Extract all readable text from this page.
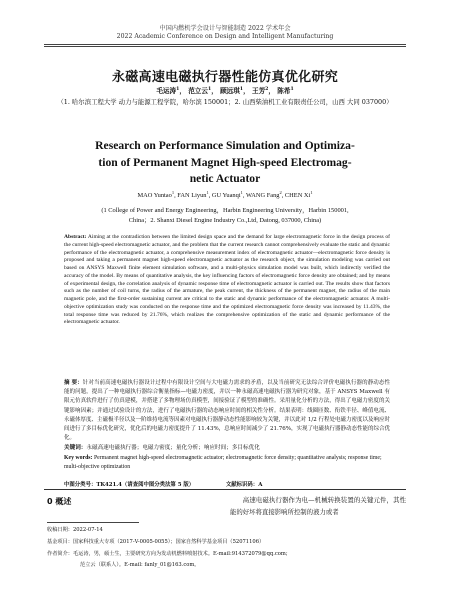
中国内燃机学会设计与智能制造 2022 学术年会
2022 Academic Conference on Design and Intelligent Manufacturing
永磁高速电磁执行器性能仿真优化研究
毛运涛$^1$， 范立云$^1$， 顾远琪$^1$， 王芳$^2$， 陈希$^1$
（1. 哈尔滨工程大学 动力与能源工程学院，哈尔滨 150001；2. 山西柴油机工业有限责任公司，山西 大同 037000）
Research on Performance Simulation and Optimiza-
tion of Permanent Magnet High-speed Electromag-
netic Actuator
MAO Yuntao$^1$, FAN Liyun$^1$, GU Yuanqi$^1$, WANG Fang$^2$, CHEN Xi$^1$
(1 College of Power and Energy Engineering，Harbin Engineering University，Harbin 150001,
China；2. Shanxi Diesel Engine Industry Co.,Ltd, Datong, 037000, China)
Abstract: Aiming at the contradiction between the limited design space and the demand for large electromagnetic force in the design process of the current high-speed electromagnetic actuator, and the problem that the current research cannot comprehensively evaluate the static and dynamic performance of the electromagnetic actuator, a comprehensive measurement index of electromagnetic actuator—electromagnetic force density is proposed and taking a permanent magnet high-speed electromagnetic actuator as the research object, the simulation modeling was carried out based on ANSYS Maxwell finite element simulation software, and a multi-physics simulation model was built, which indirectly verified the accuracy of the model. By means of quantitative analysis, the key influencing factors of electromagnetic force density are obtained; and by means of experimental design, the correlation analysis of dynamic response time of electromagnetic actuator is carried out. The results show that factors such as the number of coil turns, the radius of the armature, the peak current, the thickness of the permanent magnet, the radius of the main magnetic pole, and the first-order sustaining current are critical to the static and dynamic performance of the electromagnetic actuator. A multi-objective optimization study was conducted on the response time and the optimized electromagnetic force density was increased by 11.43%, the total response time was reduced by 21.76%, which realizes the comprehensive optimization of the static and dynamic performance of the electromagnetic actuator.
摘 要：针对当前高速电磁执行器设计过程中有限设计空间与大电磁力需求的矛盾，以及当前研究无法综合评价电磁执行器的静动态性能的问题，提出了一种电磁执行器综合衡量指标—电磁力密度，并以一种永磁高速电磁执行器为研究对象，基于 ANSYS Maxwell 有限元仿真软件进行了仿真建模，并搭建了多物理场仿真模型，间接验证了模型的准确性。采用量化分析的方法，得出了电磁力密度的关键影响因素；并通过试验设计的方法，进行了电磁执行器的动态响应时间的相关性分析。结果表明：线圈匝数、衔铁半径、峰值电流、永磁体厚度、主磁极半径以及一阶维持电流等因素对电磁执行器静动态性能影响较为关键，并以此对 1/2 行程处电磁力密度以及响应时间进行了多目标优化研究，优化后的电磁力密度提升了 11.43%，总响应时间减少了 21.76%，实现了电磁执行器静动态性能的综合优化。
关键词：永磁高速电磁执行器；电磁力密度；量化分析；响应时间；多目标优化
Key words: Permanent magnet high-speed electromagnetic actuator; electromagnetic force density; quantitative analysis; response time; multi-objective optimization
中图分类号：TK421.4（请查阅中图分类法第 5 版）	文献标识码：A
0 概述	高速电磁执行器作为电—机械转换装置的关键元件，其性能的好坏将直接影响所控制的液力或者
收稿日期：2022-07-14
基金项目：国家科技重大专项（2017-V-0005-0055）；国家自然科学基金项目（52071106）
作者简介：毛运涛，男，硕士生，主要研究方向为发动机燃料喷射技术。E-mail:914372079@qq.com;
范立云（联系人）。E-mail: fanly_01@163.com。
